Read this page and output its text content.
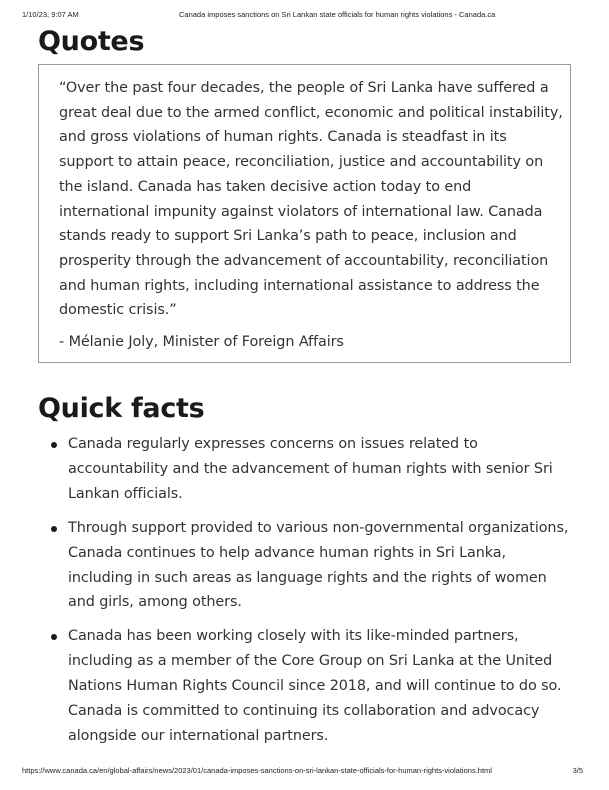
1/10/23, 9:07 AM	Canada imposes sanctions on Sri Lankan state officials for human rights violations - Canada.ca
Quotes

“Over the past four decades, the people of Sri Lanka have suffered a great deal due to the armed conflict, economic and political instability, and gross violations of human rights. Canada is steadfast in its support to attain peace, reconciliation, justice and accountability on the island. Canada has taken decisive action today to end international impunity against violators of international law. Canada stands ready to support Sri Lanka’s path to peace, inclusion and prosperity through the advancement of accountability, reconciliation and human rights, including international assistance to address the domestic crisis.”

- Mélanie Joly, Minister of Foreign Affairs

Quick facts
Canada regularly expresses concerns on issues related to accountability and the advancement of human rights with senior Sri Lankan officials.
Through support provided to various non-governmental organizations, Canada continues to help advance human rights in Sri Lanka, including in such areas as language rights and the rights of women and girls, among others.
Canada has been working closely with its like-minded partners, including as a member of the Core Group on Sri Lanka at the United Nations Human Rights Council since 2018, and will continue to do so. Canada is committed to continuing its collaboration and advocacy alongside our international partners.
https://www.canada.ca/en/global-affairs/news/2023/01/canada-imposes-sanctions-on-sri-lankan-state-officials-for-human-rights-violations.html	3/5
